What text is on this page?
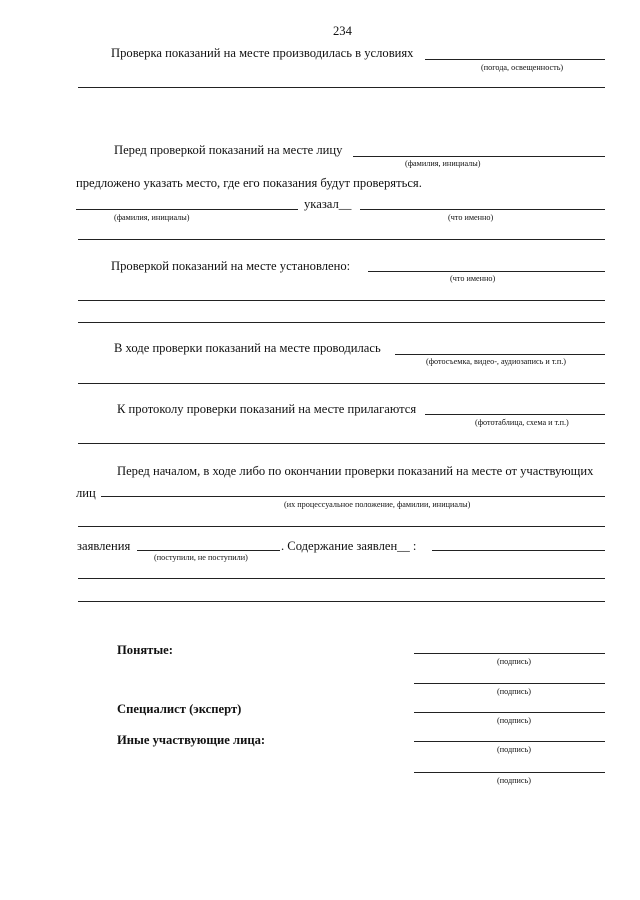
234
Проверка показаний на месте производилась в условиях
(погода, освещенность)
Перед проверкой показаний на месте лицу
(фамилия, инициалы)
предложено указать место, где его показания будут проверяться.
указал__
(фамилия, инициалы)	(что именно)
Проверкой показаний на месте установлено:
(что именно)
В ходе проверки показаний на месте проводилась
(фотосъемка, видео-, аудиозапись и т.п.)
К протоколу проверки показаний на месте прилагаются
(фототаблица, схема и т.п.)
Перед началом, в ходе либо по окончании проверки показаний на месте от участвующих
лиц
(их процессуальное положение, фамилии, инициалы)
заявления	. Содержание заявлен__ :
(поступили, не поступили)
Понятые:
(подпись)
(подпись)
Специалист (эксперт)
(подпись)
Иные участвующие лица:
(подпись)
(подпись)
